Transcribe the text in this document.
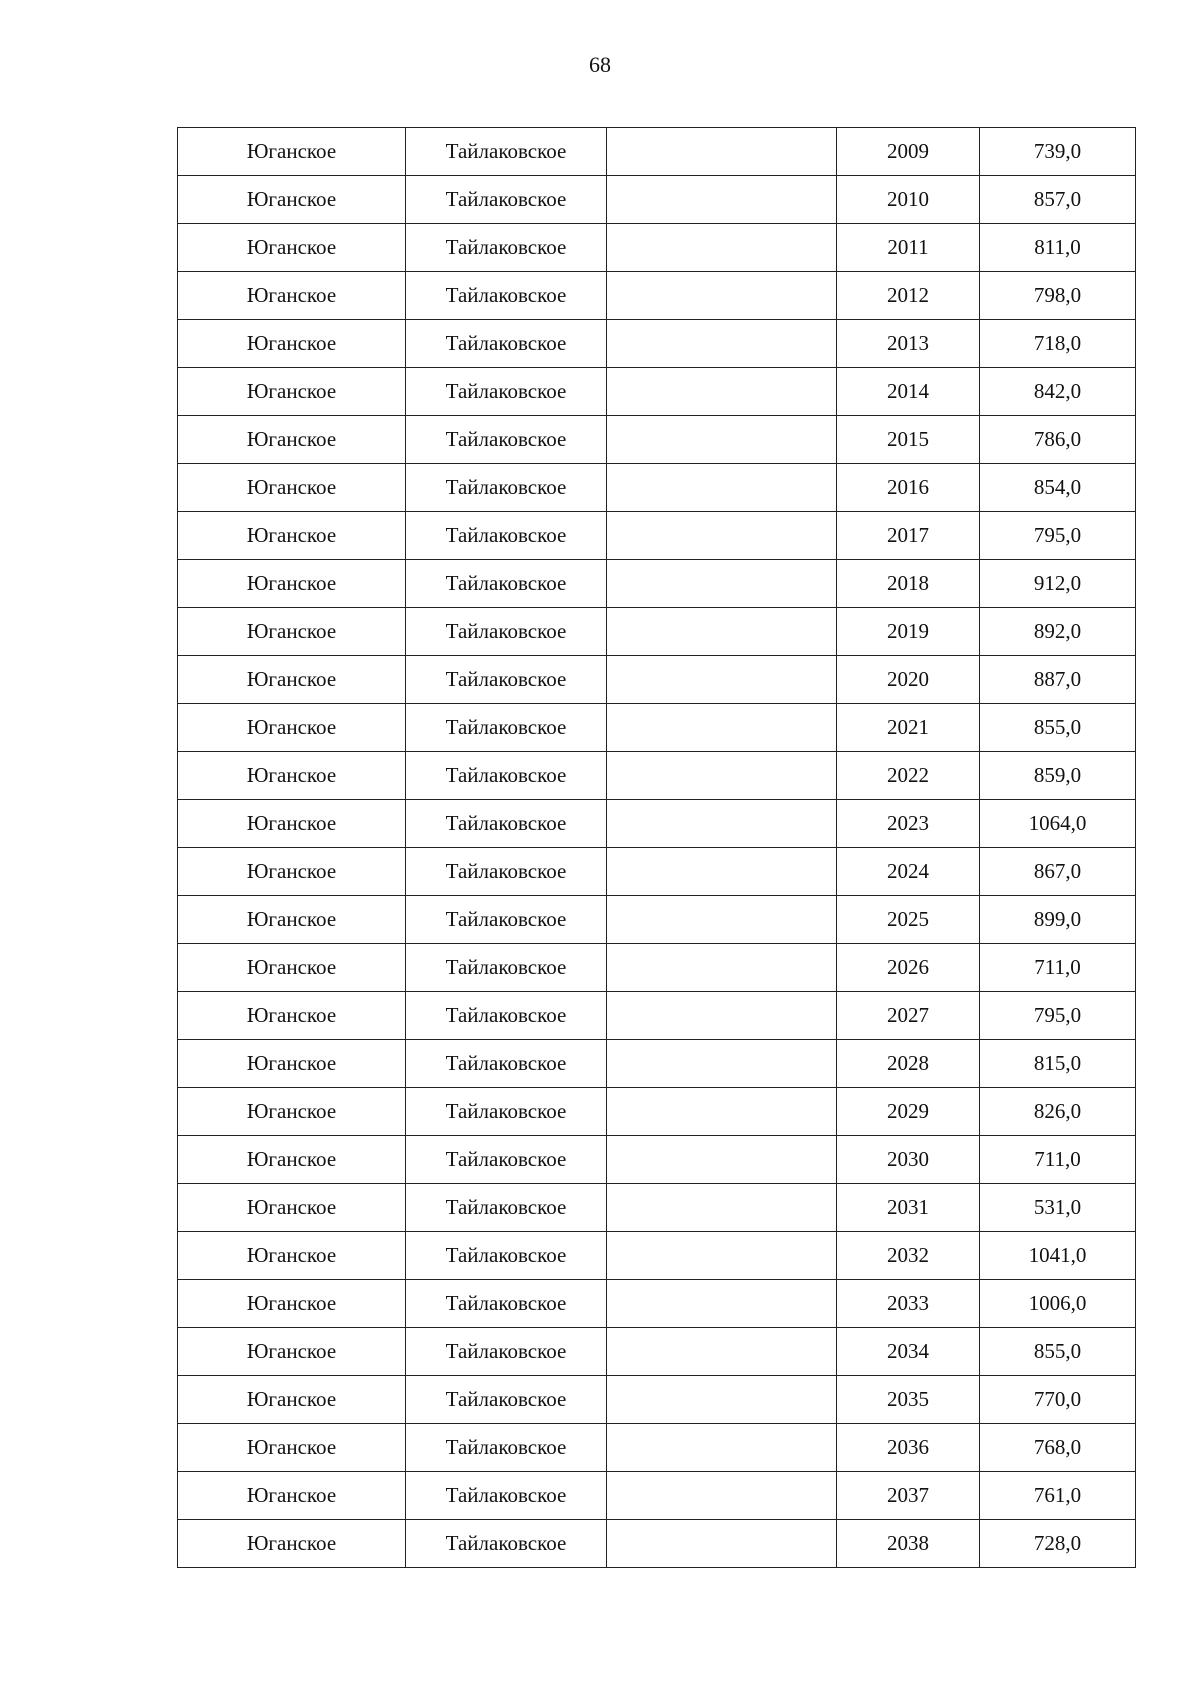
68
Юганское	Тайлаковское		2009	739,0
Юганское	Тайлаковское		2010	857,0
Юганское	Тайлаковское		2011	811,0
Юганское	Тайлаковское		2012	798,0
Юганское	Тайлаковское		2013	718,0
Юганское	Тайлаковское		2014	842,0
Юганское	Тайлаковское		2015	786,0
Юганское	Тайлаковское		2016	854,0
Юганское	Тайлаковское		2017	795,0
Юганское	Тайлаковское		2018	912,0
Юганское	Тайлаковское		2019	892,0
Юганское	Тайлаковское		2020	887,0
Юганское	Тайлаковское		2021	855,0
Юганское	Тайлаковское		2022	859,0
Юганское	Тайлаковское		2023	1064,0
Юганское	Тайлаковское		2024	867,0
Юганское	Тайлаковское		2025	899,0
Юганское	Тайлаковское		2026	711,0
Юганское	Тайлаковское		2027	795,0
Юганское	Тайлаковское		2028	815,0
Юганское	Тайлаковское		2029	826,0
Юганское	Тайлаковское		2030	711,0
Юганское	Тайлаковское		2031	531,0
Юганское	Тайлаковское		2032	1041,0
Юганское	Тайлаковское		2033	1006,0
Юганское	Тайлаковское		2034	855,0
Юганское	Тайлаковское		2035	770,0
Юганское	Тайлаковское		2036	768,0
Юганское	Тайлаковское		2037	761,0
Юганское	Тайлаковское		2038	728,0
